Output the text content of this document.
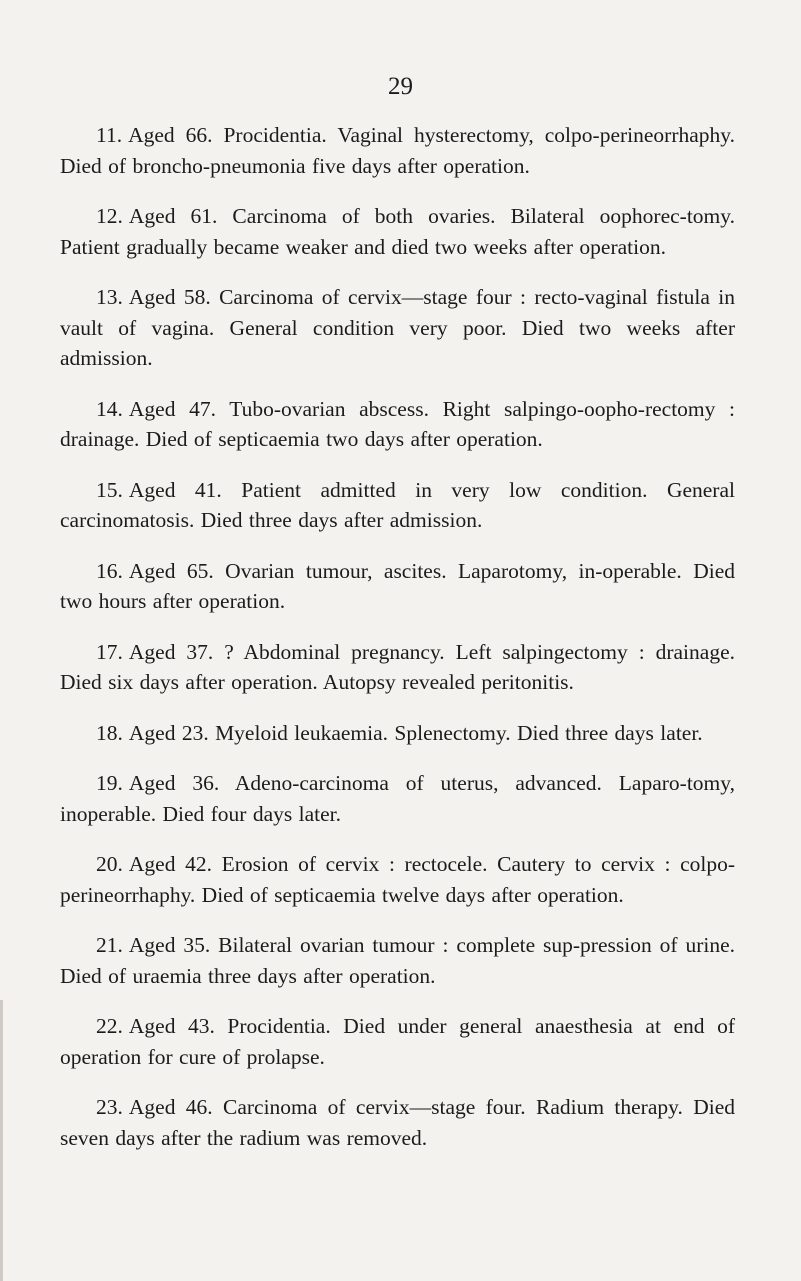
29

11. Aged 66. Procidentia. Vaginal hysterectomy, colpo-perineorrhaphy. Died of broncho-pneumonia five days after operation.

12. Aged 61. Carcinoma of both ovaries. Bilateral oophorec-tomy. Patient gradually became weaker and died two weeks after operation.

13. Aged 58. Carcinoma of cervix—stage four : recto-vaginal fistula in vault of vagina. General condition very poor. Died two weeks after admission.

14. Aged 47. Tubo-ovarian abscess. Right salpingo-oopho-rectomy : drainage. Died of septicaemia two days after operation.

15. Aged 41. Patient admitted in very low condition. General carcinomatosis. Died three days after admission.

16. Aged 65. Ovarian tumour, ascites. Laparotomy, in-operable. Died two hours after operation.

17. Aged 37. ? Abdominal pregnancy. Left salpingectomy : drainage. Died six days after operation. Autopsy revealed peritonitis.

18. Aged 23. Myeloid leukaemia. Splenectomy. Died three days later.

19. Aged 36. Adeno-carcinoma of uterus, advanced. Laparo-tomy, inoperable. Died four days later.

20. Aged 42. Erosion of cervix : rectocele. Cautery to cervix : colpo-perineorrhaphy. Died of septicaemia twelve days after operation.

21. Aged 35. Bilateral ovarian tumour : complete sup-pression of urine. Died of uraemia three days after operation.

22. Aged 43. Procidentia. Died under general anaesthesia at end of operation for cure of prolapse.

23. Aged 46. Carcinoma of cervix—stage four. Radium therapy. Died seven days after the radium was removed.
